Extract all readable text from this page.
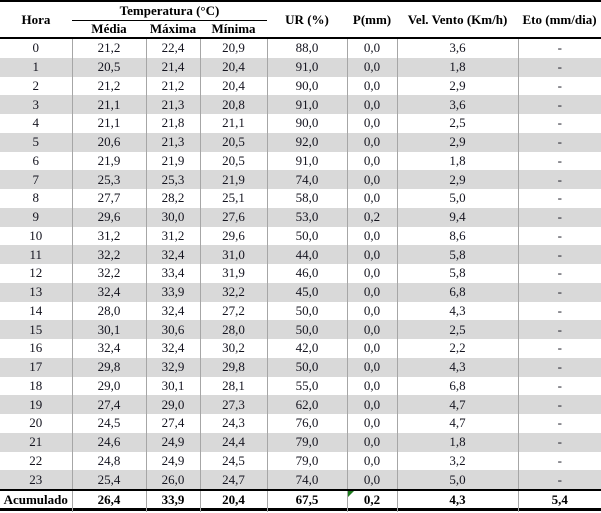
Hora	Temperatura (°C)			UR (%)	P(mm)	Vel. Vento (Km/h)	Eto (mm/dia)
	Média	Máxima	Mínima				
0	21,2	22,4	20,9	88,0	0,0	3,6	-
1	20,5	21,4	20,4	91,0	0,0	1,8	-
2	21,2	21,2	20,4	90,0	0,0	2,9	-
3	21,1	21,3	20,8	91,0	0,0	3,6	-
4	21,1	21,8	21,1	90,0	0,0	2,5	-
5	20,6	21,3	20,5	92,0	0,0	2,9	-
6	21,9	21,9	20,5	91,0	0,0	1,8	-
7	25,3	25,3	21,9	74,0	0,0	2,9	-
8	27,7	28,2	25,1	58,0	0,0	5,0	-
9	29,6	30,0	27,6	53,0	0,2	9,4	-
10	31,2	31,2	29,6	50,0	0,0	8,6	-
11	32,2	32,4	31,0	44,0	0,0	5,8	-
12	32,2	33,4	31,9	46,0	0,0	5,8	-
13	32,4	33,9	32,2	45,0	0,0	6,8	-
14	28,0	32,4	27,2	50,0	0,0	4,3	-
15	30,1	30,6	28,0	50,0	0,0	2,5	-
16	32,4	32,4	30,2	42,0	0,0	2,2	-
17	29,8	32,9	29,8	50,0	0,0	4,3	-
18	29,0	30,1	28,1	55,0	0,0	6,8	-
19	27,4	29,0	27,3	62,0	0,0	4,7	-
20	24,5	27,4	24,3	76,0	0,0	4,7	-
21	24,6	24,9	24,4	79,0	0,0	1,8	-
22	24,8	24,9	24,5	79,0	0,0	3,2	-
23	25,4	26,0	24,7	74,0	0,0	5,0	-
Acumulado	26,4	33,9	20,4	67,5	0,2	4,3	5,4
